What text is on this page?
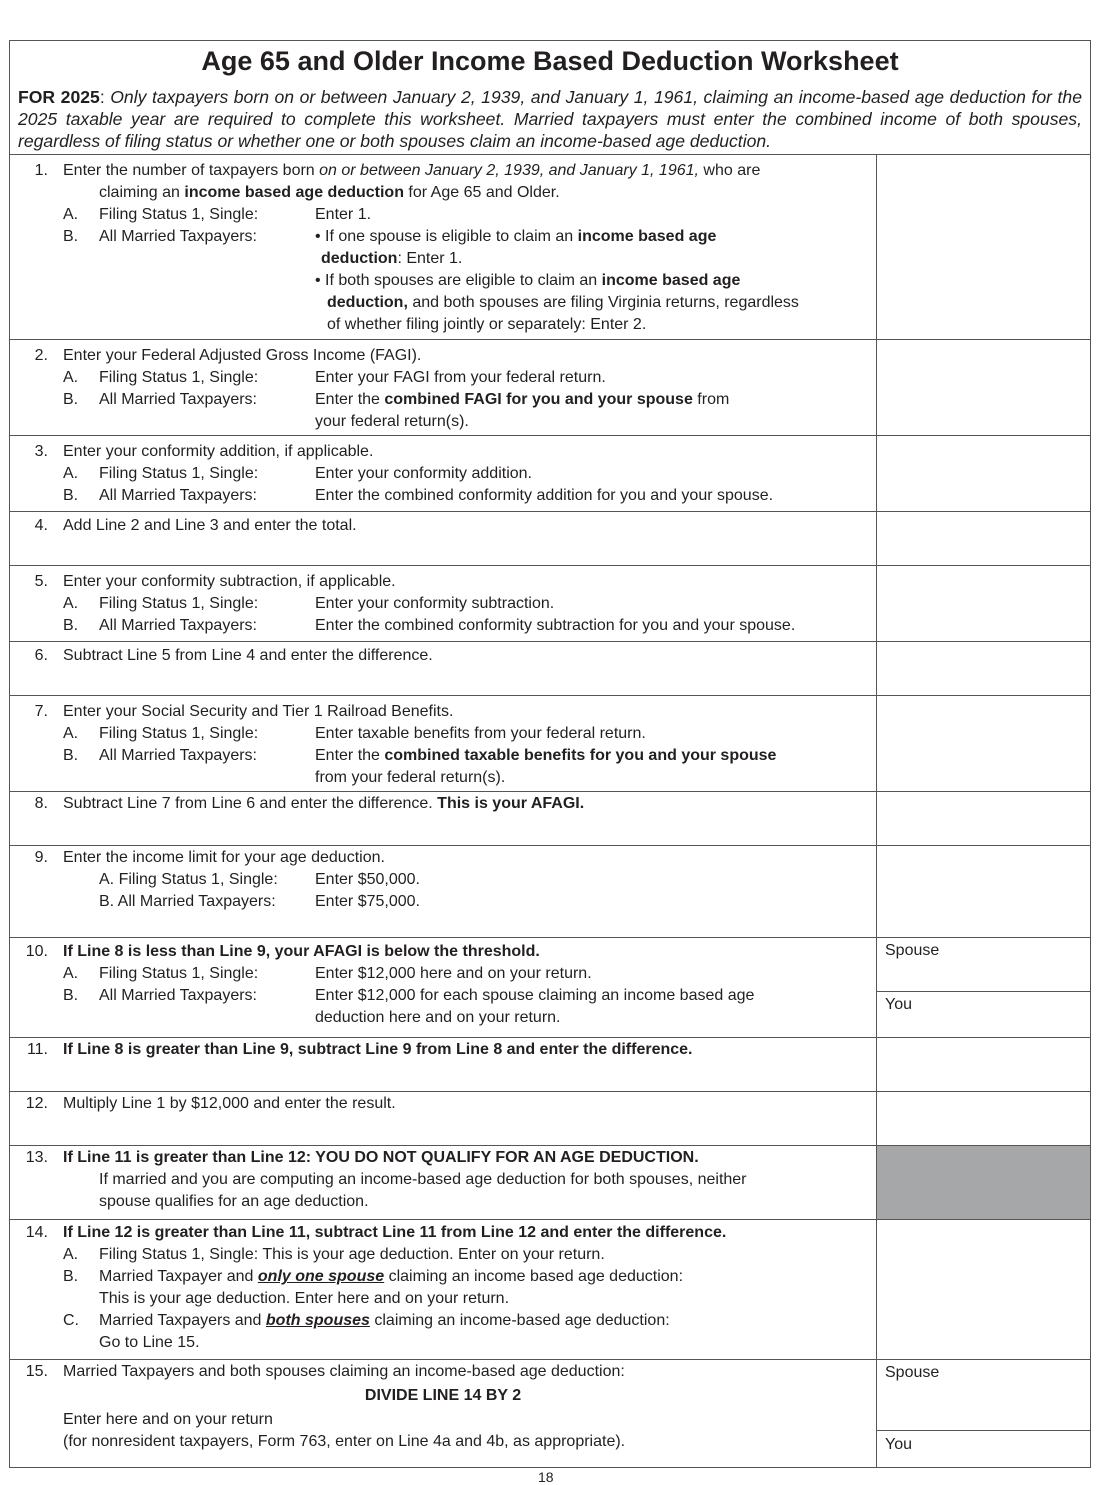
Age 65 and Older Income Based Deduction Worksheet
FOR 2025: Only taxpayers born on or between January 2, 1939, and January 1, 1961, claiming an income-based age deduction for the 2025 taxable year are required to complete this worksheet. Married taxpayers must enter the combined income of both spouses, regardless of filing status or whether one or both spouses claim an income-based age deduction.
1. Enter the number of taxpayers born on or between January 2, 1939, and January 1, 1961, who are
claiming an income based age deduction for Age 65 and Older.
A. Filing Status 1, Single:	Enter 1.
B. All Married Taxpayers:	• If one spouse is eligible to claim an income based age
deduction: Enter 1.
• If both spouses are eligible to claim an income based age
deduction, and both spouses are filing Virginia returns, regardless
of whether filing jointly or separately: Enter 2.
2. Enter your Federal Adjusted Gross Income (FAGI).
A. Filing Status 1, Single:	Enter your FAGI from your federal return.
B. All Married Taxpayers:	Enter the combined FAGI for you and your spouse from
your federal return(s).
3. Enter your conformity addition, if applicable.
A. Filing Status 1, Single:	Enter your conformity addition.
B. All Married Taxpayers:	Enter the combined conformity addition for you and your spouse.
4. Add Line 2 and Line 3 and enter the total.
5. Enter your conformity subtraction, if applicable.
A. Filing Status 1, Single:	Enter your conformity subtraction.
B. All Married Taxpayers:	Enter the combined conformity subtraction for you and your spouse.
6. Subtract Line 5 from Line 4 and enter the difference.
7. Enter your Social Security and Tier 1 Railroad Benefits.
A. Filing Status 1, Single:	Enter taxable benefits from your federal return.
B. All Married Taxpayers:	Enter the combined taxable benefits for you and your spouse
from your federal return(s).
8. Subtract Line 7 from Line 6 and enter the difference. This is your AFAGI.
9. Enter the income limit for your age deduction.
A. Filing Status 1, Single: Enter $50,000.
B. All Married Taxpayers: Enter $75,000.
10. If Line 8 is less than Line 9, your AFAGI is below the threshold.
A. Filing Status 1, Single:	Enter $12,000 here and on your return.
B. All Married Taxpayers:	Enter $12,000 for each spouse claiming an income based age
deduction here and on your return.
Spouse
You
11. If Line 8 is greater than Line 9, subtract Line 9 from Line 8 and enter the difference.
12. Multiply Line 1 by $12,000 and enter the result.
13. If Line 11 is greater than Line 12: YOU DO NOT QUALIFY FOR AN AGE DEDUCTION.
If married and you are computing an income-based age deduction for both spouses, neither
spouse qualifies for an age deduction.
14. If Line 12 is greater than Line 11, subtract Line 11 from Line 12 and enter the difference.
A. Filing Status 1, Single: This is your age deduction. Enter on your return.
B. Married Taxpayer and only one spouse claiming an income based age deduction:
This is your age deduction. Enter here and on your return.
C. Married Taxpayers and both spouses claiming an income-based age deduction:
Go to Line 15.
15. Married Taxpayers and both spouses claiming an income-based age deduction:
DIVIDE LINE 14 BY 2
Enter here and on your return
(for nonresident taxpayers, Form 763, enter on Line 4a and 4b, as appropriate).
Spouse
You
18
